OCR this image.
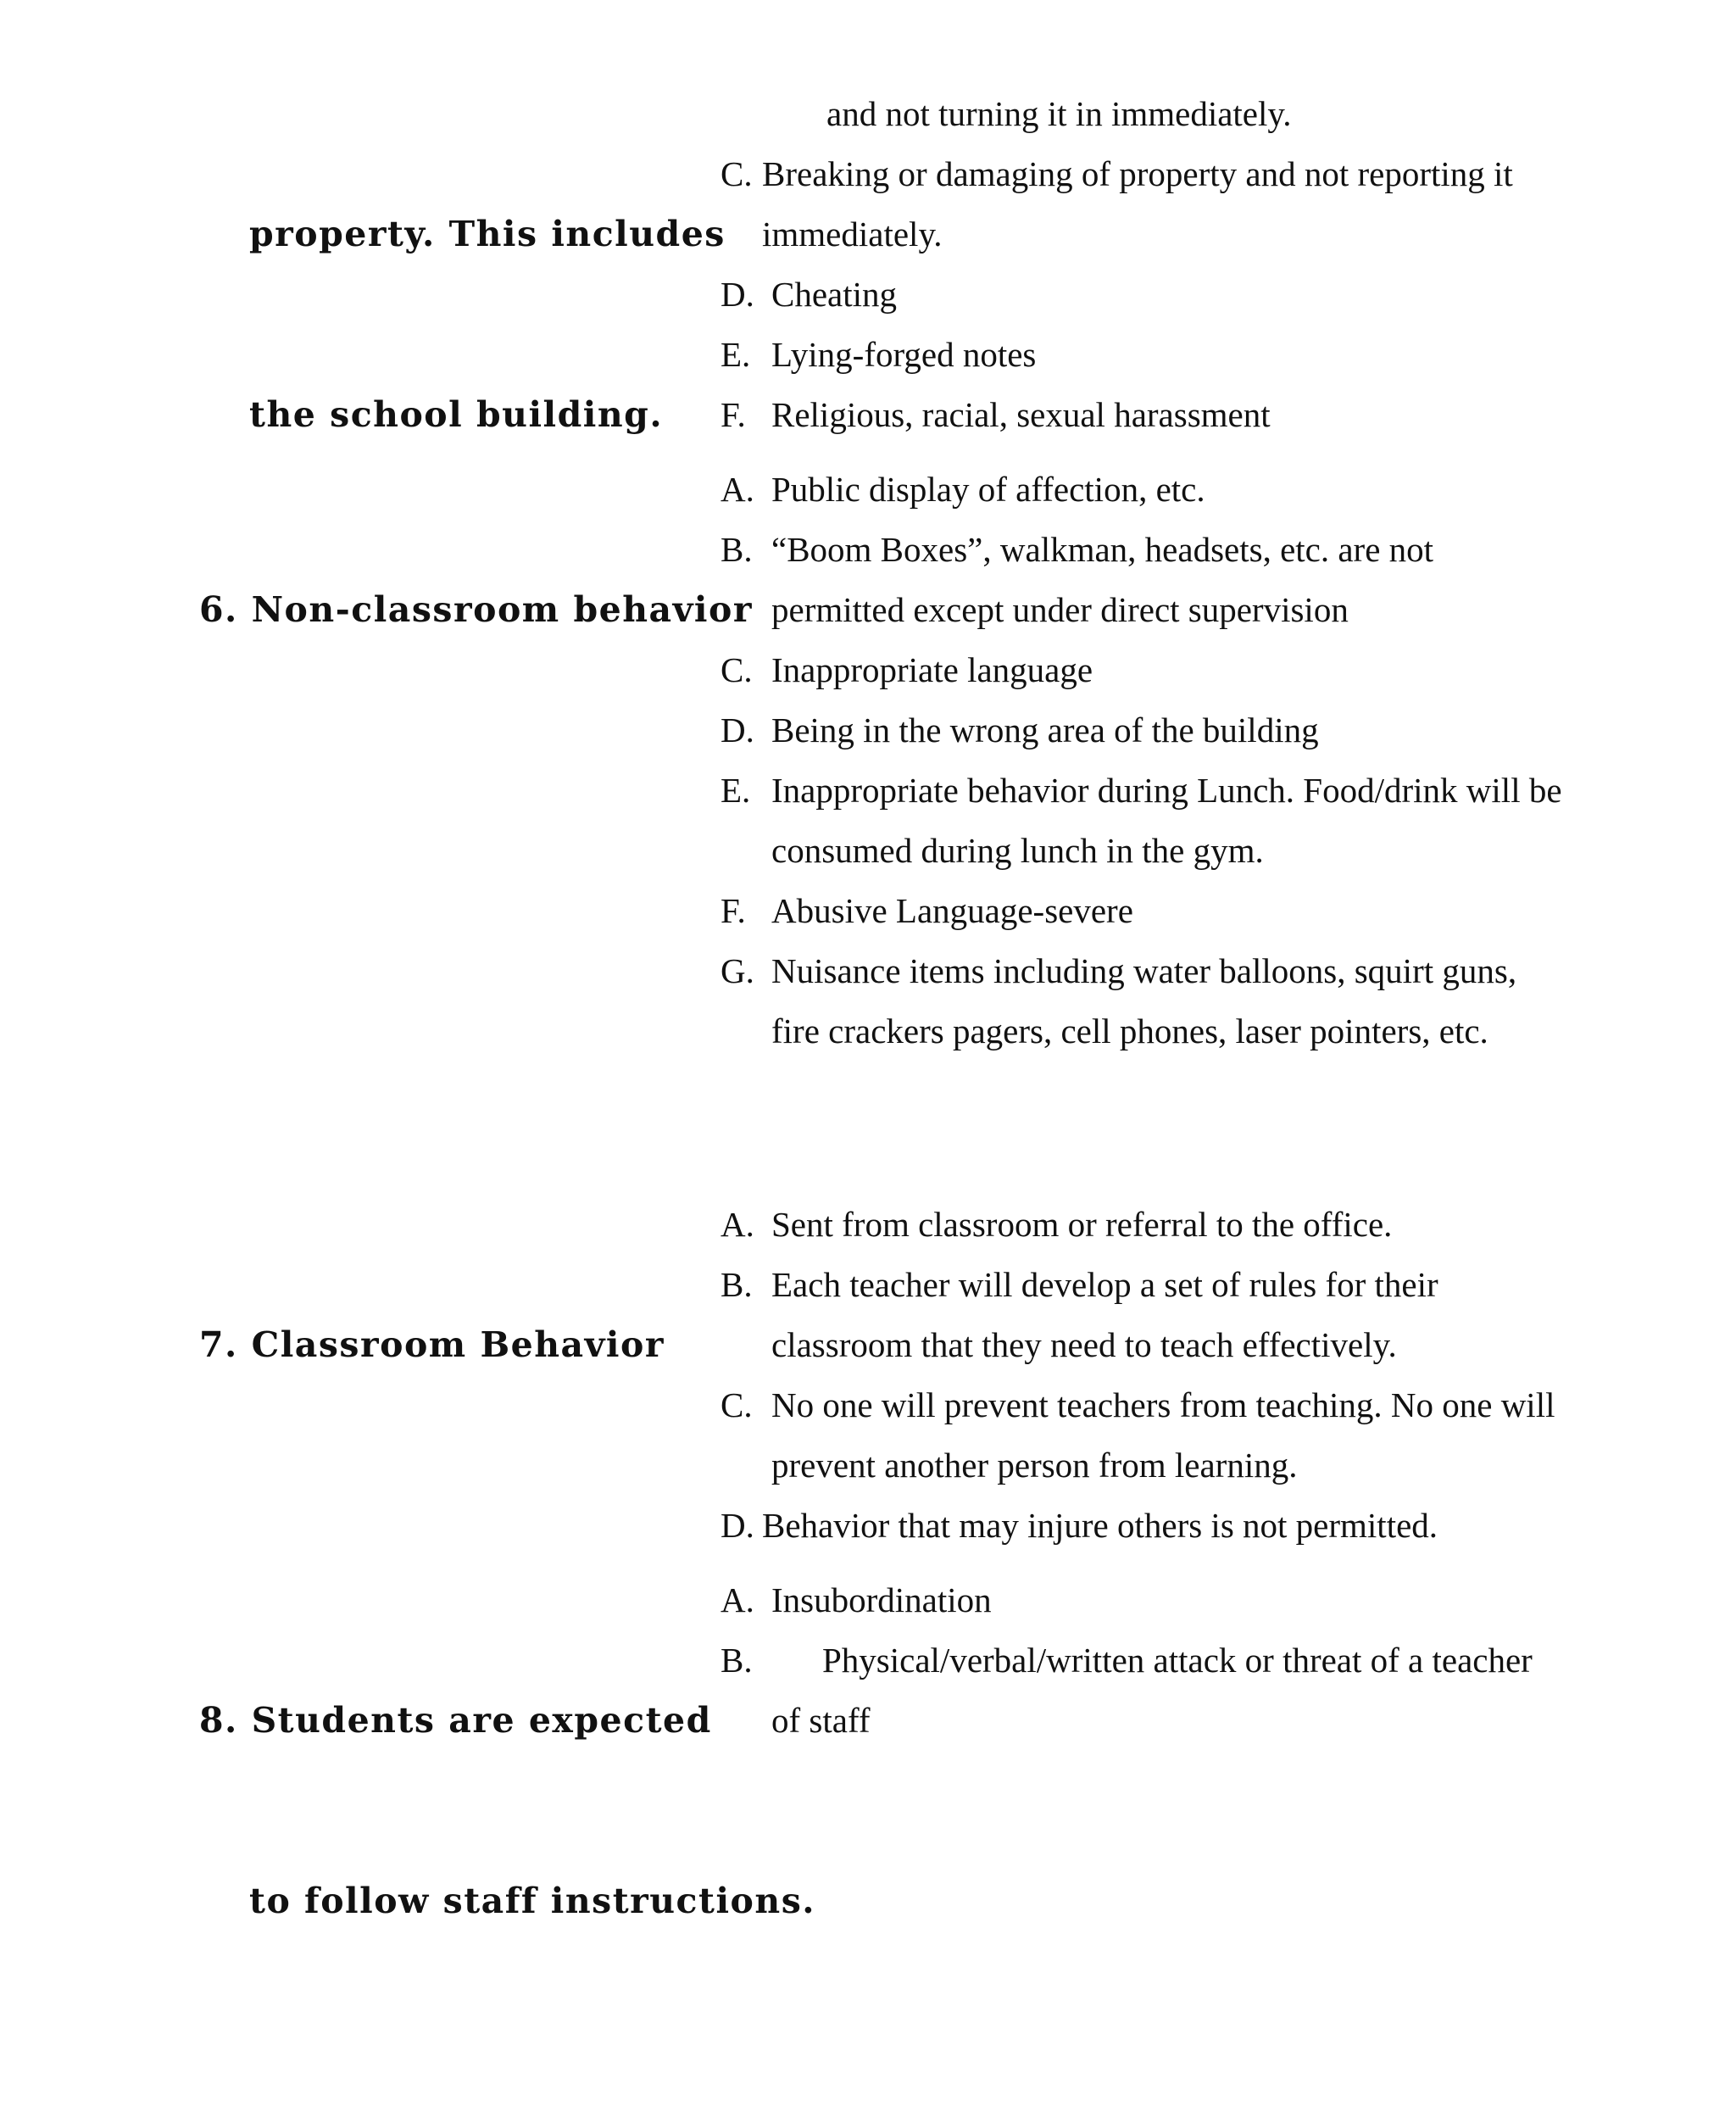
property. This includes

the school building.

and not turning it in immediately.
C. Breaking or damaging of property and not reporting it immediately.
D. Cheating
E. Lying-forged notes
F. Religious, racial, sexual harassment

6. Non-classroom behavior

A. Public display of affection, etc.
B. “Boom Boxes”, walkman, headsets, etc. are not permitted except under direct supervision
C. Inappropriate language
D. Being in the wrong area of the building
E. Inappropriate behavior during Lunch. Food/drink will be consumed during lunch in the gym.
F. Abusive Language-severe
G. Nuisance items including water balloons, squirt guns, fire crackers pagers, cell phones, laser pointers, etc.

7. Classroom Behavior

A. Sent from classroom or referral to the office.
B. Each teacher will develop a set of rules for their classroom that they need to teach effectively.
C. No one will prevent teachers from teaching. No one will prevent another person from learning.
D. Behavior that may injure others is not permitted.

8. Students are expected

to follow staff instructions.

A. Insubordination
B.	Physical/verbal/written attack or threat of a teacher of staff
